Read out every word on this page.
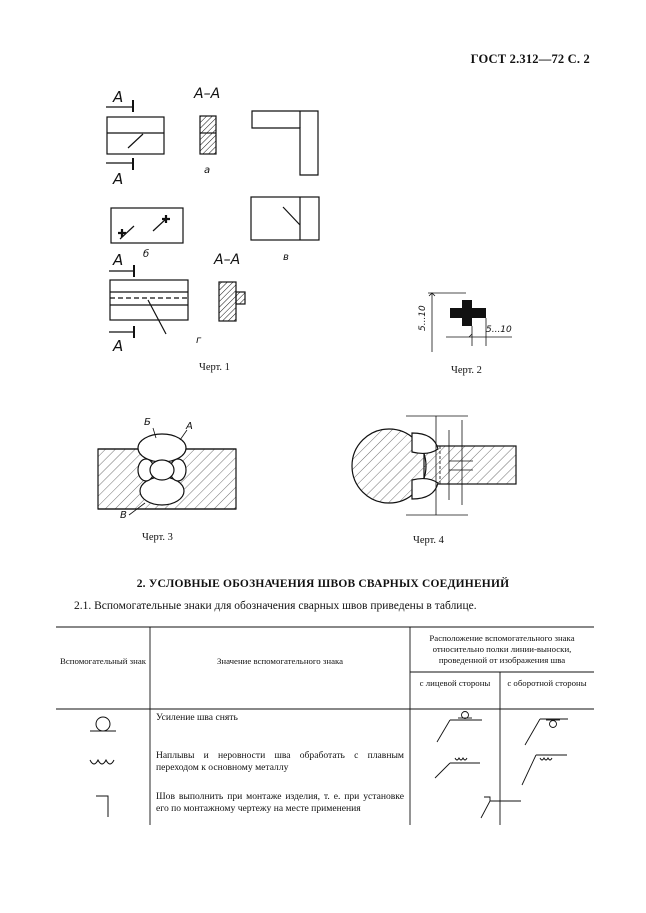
ГОСТ 2.312—72 С. 2
А
А
А–А
а
б	в
А
А
А–А
г
Черт. 1
5...10	5...10
Черт. 2
Б	А
В
Черт. 3	Черт. 4
2. УСЛОВНЫЕ ОБОЗНАЧЕНИЯ ШВОВ СВАРНЫХ СОЕДИНЕНИЙ
2.1. Вспомогательные знаки для обозначения сварных швов приведены в таблице.
Вспомогательный знак	Значение вспомогательного знака
Расположение вспомогательного знака относительно полки линии-выноски, проведенной от изображения шва
с лицевой стороны	с оборотной стороны
Усиление шва снять
Наплывы и неровности шва обработать с плавным переходом к основному металлу
Шов выполнить при монтаже изделия, т. е. при установке его по монтажному чертежу на месте применения
